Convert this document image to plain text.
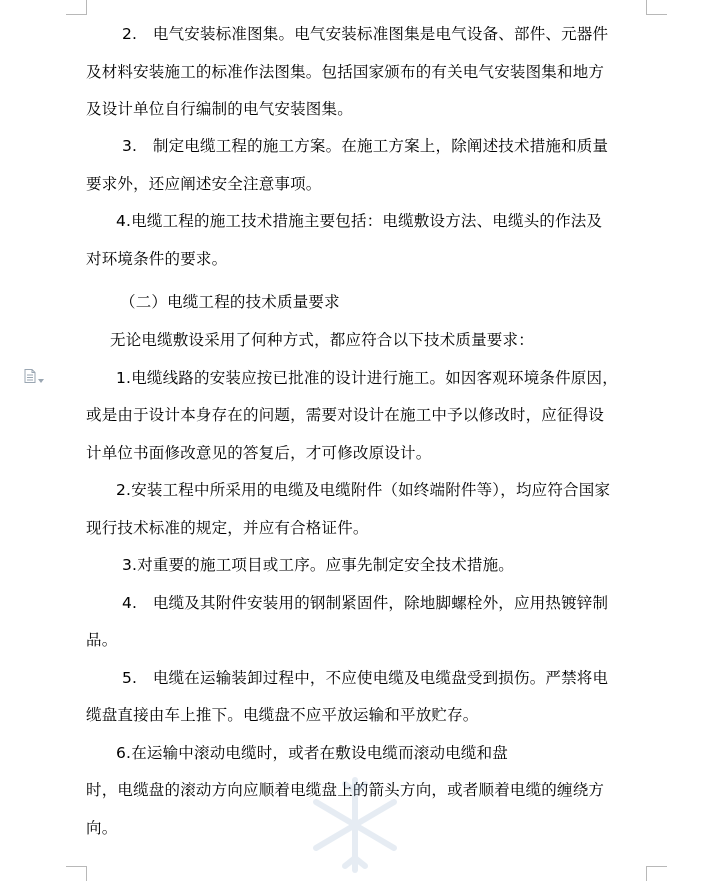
2.　电气安装标准图集。电气安装标准图集是电气设备、部件、元器件
及材料安装施工的标准作法图集。包括国家颁布的有关电气安装图集和地方
及设计单位自行编制的电气安装图集。
3.　制定电缆工程的施工方案。在施工方案上，除阐述技术措施和质量
要求外，还应阐述安全注意事项。
4.电缆工程的施工技术措施主要包括：电缆敷设方法、电缆头的作法及
对环境条件的要求。
（二）电缆工程的技术质量要求
无论电缆敷设采用了何种方式，都应符合以下技术质量要求：
1.电缆线路的安装应按已批准的设计进行施工。如因客观环境条件原因，
或是由于设计本身存在的问题，需要对设计在施工中予以修改时，应征得设
计单位书面修改意见的答复后，才可修改原设计。
2.安装工程中所采用的电缆及电缆附件（如终端附件等），均应符合国家
现行技术标准的规定，并应有合格证件。
3.对重要的施工项目或工序。应事先制定安全技术措施。
4.　电缆及其附件安装用的钢制紧固件，除地脚螺栓外，应用热镀锌制
品。
5.　电缆在运输装卸过程中，不应使电缆及电缆盘受到损伤。严禁将电
缆盘直接由车上推下。电缆盘不应平放运输和平放贮存。
6.在运输中滚动电缆时，或者在敷设电缆而滚动电缆和盘
时，电缆盘的滚动方向应顺着电缆盘上的箭头方向，或者顺着电缆的缠绕方
向。
